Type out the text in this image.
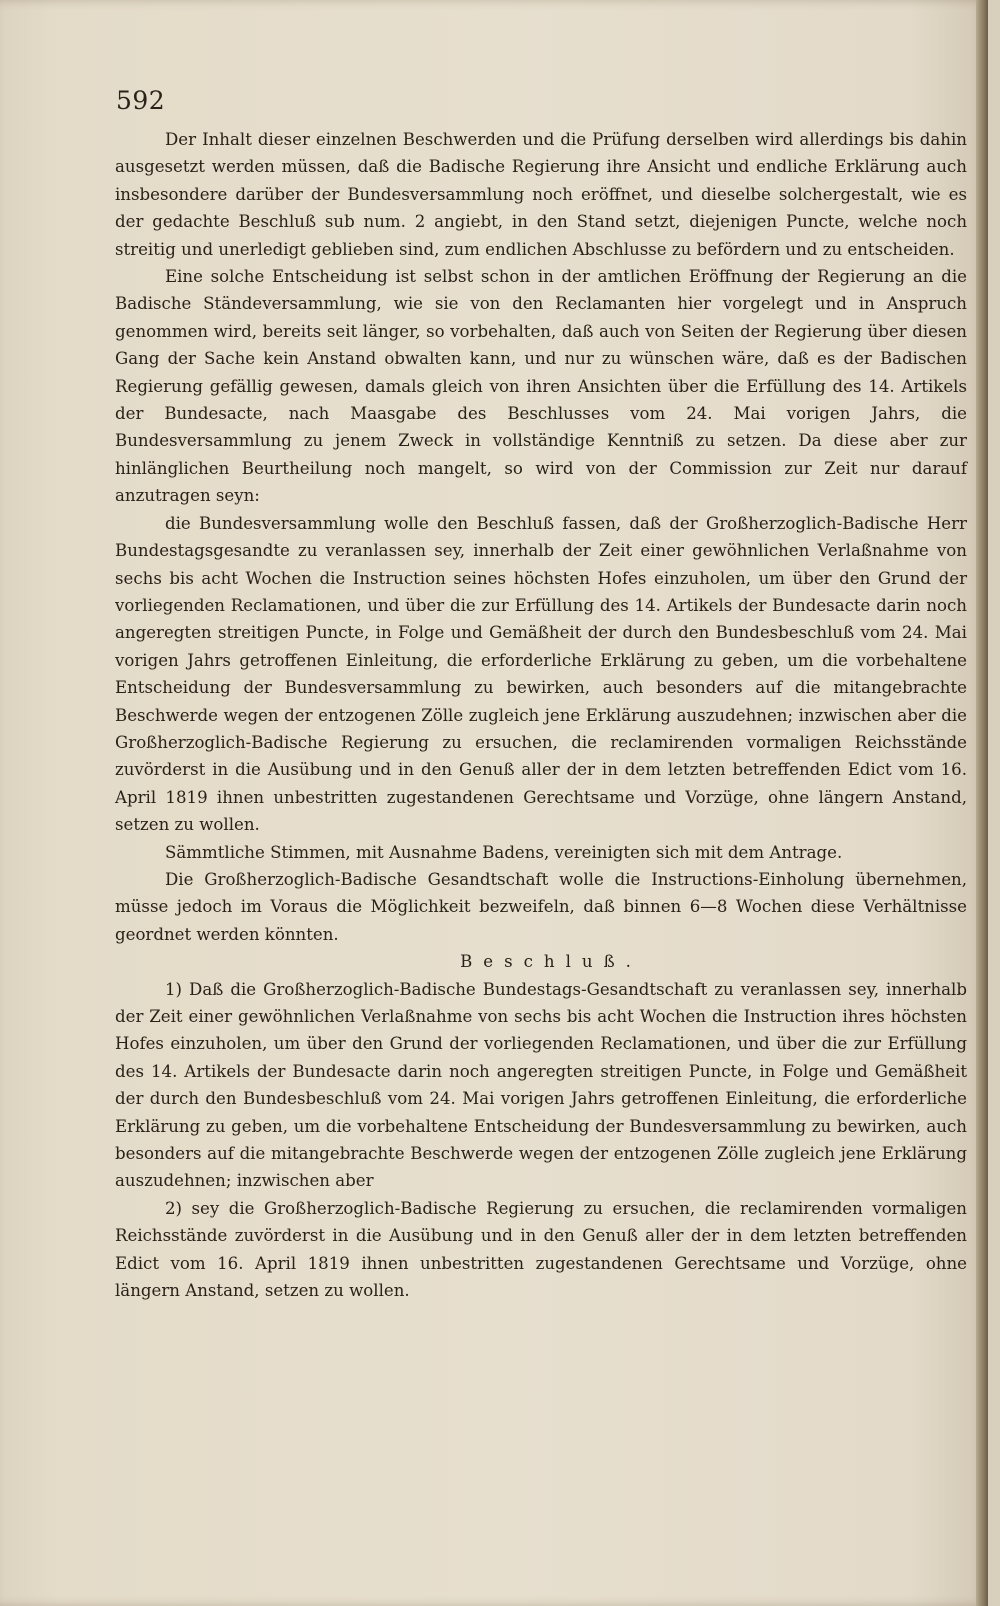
592

Der Inhalt dieser einzelnen Beschwerden und die Prüfung derselben wird allerdings bis dahin ausgesetzt werden müssen, daß die Badische Regierung ihre Ansicht und endliche Erklärung auch insbesondere darüber der Bundesversammlung noch eröffnet, und dieselbe solchergestalt, wie es der gedachte Beschluß sub num. 2 angiebt, in den Stand setzt, diejenigen Puncte, welche noch streitig und unerledigt geblieben sind, zum endlichen Abschlusse zu befördern und zu entscheiden.

Eine solche Entscheidung ist selbst schon in der amtlichen Eröffnung der Regierung an die Badische Ständeversammlung, wie sie von den Reclamanten hier vorgelegt und in Anspruch genommen wird, bereits seit länger, so vorbehalten, daß auch von Seiten der Regierung über diesen Gang der Sache kein Anstand obwalten kann, und nur zu wünschen wäre, daß es der Badischen Regierung gefällig gewesen, damals gleich von ihren Ansichten über die Erfüllung des 14. Artikels der Bundesacte, nach Maasgabe des Beschlusses vom 24. Mai vorigen Jahrs, die Bundesversammlung zu jenem Zweck in vollständige Kenntniß zu setzen. Da diese aber zur hinlänglichen Beurtheilung noch mangelt, so wird von der Commission zur Zeit nur darauf anzutragen seyn:

die Bundesversammlung wolle den Beschluß fassen, daß der Großherzoglich-Badische Herr Bundestagsgesandte zu veranlassen sey, innerhalb der Zeit einer gewöhnlichen Verlaßnahme von sechs bis acht Wochen die Instruction seines höchsten Hofes einzuholen, um über den Grund der vorliegenden Reclamationen, und über die zur Erfüllung des 14. Artikels der Bundesacte darin noch angeregten streitigen Puncte, in Folge und Gemäßheit der durch den Bundesbeschluß vom 24. Mai vorigen Jahrs getroffenen Einleitung, die erforderliche Erklärung zu geben, um die vorbehaltene Entscheidung der Bundesversammlung zu bewirken, auch besonders auf die mitangebrachte Beschwerde wegen der entzogenen Zölle zugleich jene Erklärung auszudehnen; inzwischen aber die Großherzoglich-Badische Regierung zu ersuchen, die reclamirenden vormaligen Reichsstände zuvörderst in die Ausübung und in den Genuß aller der in dem letzten betreffenden Edict vom 16. April 1819 ihnen unbestritten zugestandenen Gerechtsame und Vorzüge, ohne längern Anstand, setzen zu wollen.

Sämmtliche Stimmen, mit Ausnahme Badens, vereinigten sich mit dem Antrage.

Die Großherzoglich-Badische Gesandtschaft wolle die Instructions-Einholung übernehmen, müsse jedoch im Voraus die Möglichkeit bezweifeln, daß binnen 6—8 Wochen diese Verhältnisse geordnet werden könnten.

Beschluß.

1) Daß die Großherzoglich-Badische Bundestags-Gesandtschaft zu veranlassen sey, innerhalb der Zeit einer gewöhnlichen Verlaßnahme von sechs bis acht Wochen die Instruction ihres höchsten Hofes einzuholen, um über den Grund der vorliegenden Reclamationen, und über die zur Erfüllung des 14. Artikels der Bundesacte darin noch angeregten streitigen Puncte, in Folge und Gemäßheit der durch den Bundesbeschluß vom 24. Mai vorigen Jahrs getroffenen Einleitung, die erforderliche Erklärung zu geben, um die vorbehaltene Entscheidung der Bundesversammlung zu bewirken, auch besonders auf die mitangebrachte Beschwerde wegen der entzogenen Zölle zugleich jene Erklärung auszudehnen; inzwischen aber

2) sey die Großherzoglich-Badische Regierung zu ersuchen, die reclamirenden vormaligen Reichsstände zuvörderst in die Ausübung und in den Genuß aller der in dem letzten betreffenden Edict vom 16. April 1819 ihnen unbestritten zugestandenen Gerechtsame und Vorzüge, ohne längern Anstand, setzen zu wollen.
